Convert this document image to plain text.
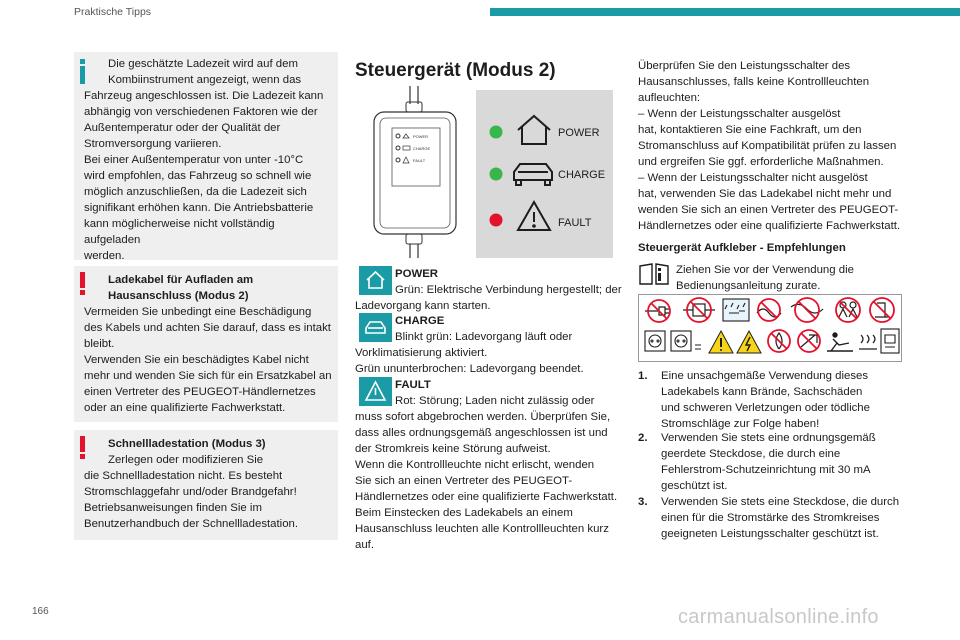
Praktische Tipps

Die geschätzte Ladezeit wird auf dem

Kombiinstrument angezeigt, wenn das

Fahrzeug angeschlossen ist. Die Ladezeit kann

abhängig von verschiedenen Faktoren wie der

Außentemperatur oder der Qualität der

Stromversorgung variieren.

Bei einer Außentemperatur von unter -10°C

wird empfohlen, das Fahrzeug so schnell wie

möglich anzuschließen, da die Ladezeit sich

signifikant erhöhen kann. Die Antriebsbatterie

kann möglicherweise nicht vollständig aufgeladen

werden.

Ladekabel für Aufladen am

Hausanschluss (Modus 2)

Vermeiden Sie unbedingt eine Beschädigung

des Kabels und achten Sie darauf, dass es intakt

bleibt.

Verwenden Sie ein beschädigtes Kabel nicht

mehr und wenden Sie sich für ein Ersatzkabel an

einen Vertreter des PEUGEOT-Händlernetzes

oder an eine qualifizierte Fachwerkstatt.

Schnellladestation (Modus 3)

Zerlegen oder modifizieren Sie

die Schnellladestation nicht. Es besteht

Stromschlaggefahr und/oder Brandgefahr!

Betriebsanweisungen finden Sie im

Benutzerhandbuch der Schnellladestation.

Steuergerät (Modus 2)
POWER
CHARGE
FAULT
POWER
CHARGE
FAULT

POWER

Grün: Elektrische Verbindung hergestellt; der

Ladevorgang kann starten.

CHARGE

Blinkt grün: Ladevorgang läuft oder

Vorklimatisierung aktiviert.

Grün ununterbrochen: Ladevorgang beendet.

FAULT

Rot: Störung; Laden nicht zulässig oder

muss sofort abgebrochen werden. Überprüfen Sie,

dass alles ordnungsgemäß angeschlossen ist und

der Stromkreis keine Störung aufweist.

Wenn die Kontrollleuchte nicht erlischt, wenden

Sie sich an einen Vertreter des PEUGEOT-

Händlernetzes oder eine qualifizierte Fachwerkstatt.

Beim Einstecken des Ladekabels an einem

Hausanschluss leuchten alle Kontrollleuchten kurz

auf.

Überprüfen Sie den Leistungsschalter des

Hausanschlusses, falls keine Kontrollleuchten

aufleuchten:

– Wenn der Leistungsschalter ausgelöst

hat, kontaktieren Sie eine Fachkraft, um den

Stromanschluss auf Kompatibilität prüfen zu lassen

und ergreifen Sie ggf. erforderliche Maßnahmen.

– Wenn der Leistungsschalter nicht ausgelöst

hat, verwenden Sie das Ladekabel nicht mehr und

wenden Sie sich an einen Vertreter des PEUGEOT-

Händlernetzes oder eine qualifizierte Fachwerkstatt.

Steuergerät Aufkleber - Empfehlungen

Ziehen Sie vor der Verwendung die

Bedienungsanleitung zurate.

1. Eine unsachgemäße Verwendung dieses
Ladekabels kann Brände, Sachschäden
und schweren Verletzungen oder tödliche
Stromschläge zur Folge haben!
2. Verwenden Sie stets eine ordnungsgemäß
geerdete Steckdose, die durch eine
Fehlerstrom-Schutzeinrichtung mit 30 mA
geschützt ist.
3. Verwenden Sie stets eine Steckdose, die durch
einen für die Stromstärke des Stromkreises
geeigneten Leistungsschalter geschützt ist.
166	carmanualsonline.info
